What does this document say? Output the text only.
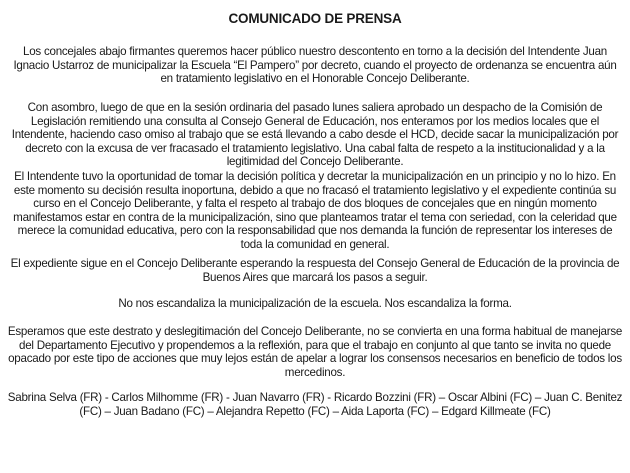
COMUNICADO DE PRENSA
Los concejales abajo firmantes queremos hacer público nuestro descontento en torno a la decisión del Intendente Juan Ignacio Ustarroz de municipalizar la Escuela “El Pampero” por decreto, cuando el proyecto de ordenanza se encuentra aún en tratamiento legislativo en el Honorable Concejo Deliberante.
Con asombro, luego de que en la sesión ordinaria del pasado lunes saliera aprobado un despacho de la Comisión de Legislación remitiendo una consulta al Consejo General de Educación, nos enteramos por los medios locales que el Intendente, haciendo caso omiso al trabajo que se está llevando a cabo desde el HCD, decide sacar la municipalización por decreto con la excusa de ver fracasado el tratamiento legislativo. Una cabal falta de respeto a la institucionalidad y a la legitimidad del Concejo Deliberante.
El Intendente tuvo la oportunidad de tomar la decisión política y decretar la municipalización en un principio y no lo hizo. En este momento su decisión resulta inoportuna, debido a que no fracasó el tratamiento legislativo y el expediente continúa su curso en el Concejo Deliberante, y falta el respeto al trabajo de dos bloques de concejales que en ningún momento manifestamos estar en contra de la municipalización, sino que planteamos tratar el tema con seriedad, con la celeridad que merece la comunidad educativa, pero con la responsabilidad que nos demanda la función de representar los intereses de toda la comunidad en general.
El expediente sigue en el Concejo Deliberante esperando la respuesta del Consejo General de Educación de la provincia de Buenos Aires que marcará los pasos a seguir.
No nos escandaliza la municipalización de la escuela. Nos escandaliza la forma.
Esperamos que este destrato y deslegitimación del Concejo Deliberante, no se convierta en una forma habitual de manejarse del Departamento Ejecutivo y propendemos a la reflexión, para que el trabajo en conjunto al que tanto se invita no quede opacado por este tipo de acciones que muy lejos están de apelar a lograr los consensos necesarios en beneficio de todos los mercedinos.
Sabrina Selva (FR) - Carlos Milhomme (FR) - Juan Navarro (FR) - Ricardo Bozzini (FR) – Oscar Albini (FC) – Juan C. Benitez (FC) – Juan Badano (FC) – Alejandra Repetto (FC) – Aida Laporta (FC) – Edgard Killmeate (FC)
